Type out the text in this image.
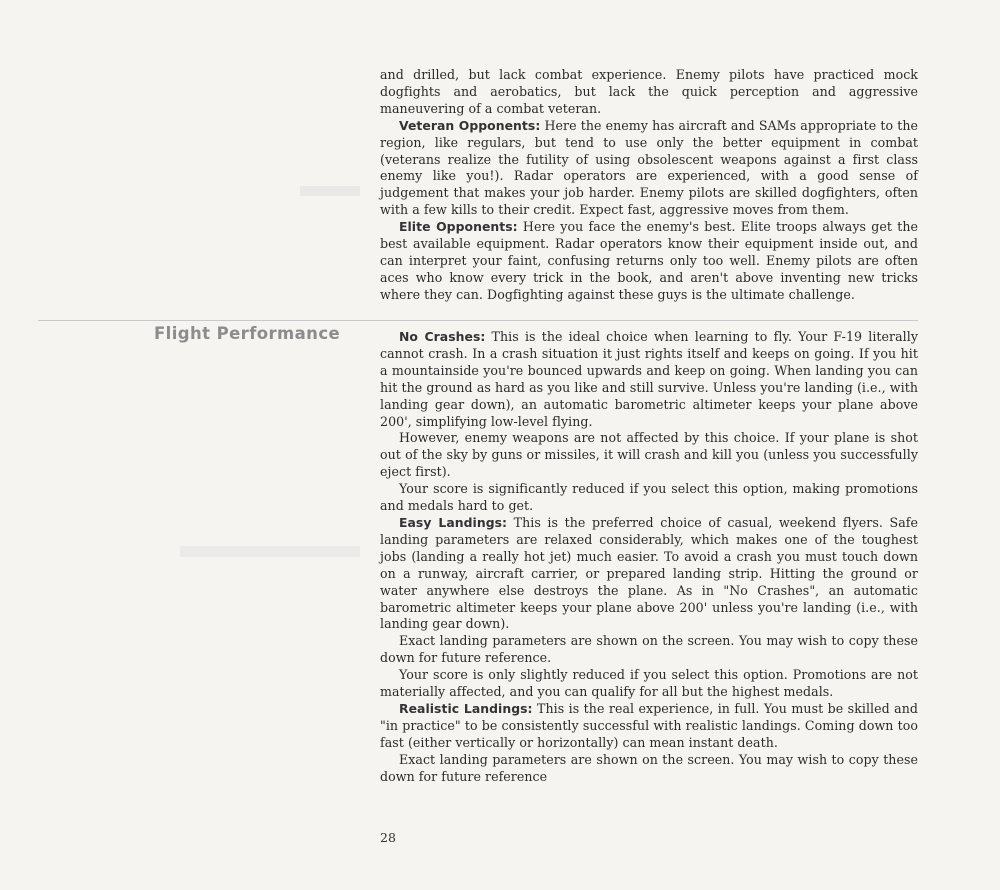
and drilled, but lack combat experience. Enemy pilots have practiced mock dogfights and aerobatics, but lack the quick perception and aggressive maneuvering of a combat veteran.

Veteran Opponents: Here the enemy has aircraft and SAMs appropriate to the region, like regulars, but tend to use only the better equipment in combat (veterans realize the futility of using obsolescent weapons against a first class enemy like you!). Radar operators are experienced, with a good sense of judgement that makes your job harder. Enemy pilots are skilled dogfighters, often with a few kills to their credit. Expect fast, aggressive moves from them.

Elite Opponents: Here you face the enemy's best. Elite troops always get the best available equipment. Radar operators know their equipment inside out, and can interpret your faint, confusing returns only too well. Enemy pilots are often aces who know every trick in the book, and aren't above inventing new tricks where they can. Dogfighting against these guys is the ultimate challenge.

Flight Performance	No Crashes: This is the ideal choice when learning to fly. Your F-19 literally cannot crash. In a crash situation it just rights itself and keeps on going. If you hit a mountainside you're bounced upwards and keep on going. When landing you can hit the ground as hard as you like and still survive. Unless you're landing (i.e., with landing gear down), an automatic barometric altimeter keeps your plane above 200', simplifying low-level flying.

However, enemy weapons are not affected by this choice. If your plane is shot out of the sky by guns or missiles, it will crash and kill you (unless you successfully eject first).

Your score is significantly reduced if you select this option, making promotions and medals hard to get.

Easy Landings: This is the preferred choice of casual, weekend flyers. Safe landing parameters are relaxed considerably, which makes one of the toughest jobs (landing a really hot jet) much easier. To avoid a crash you must touch down on a runway, aircraft carrier, or prepared landing strip. Hitting the ground or water anywhere else destroys the plane. As in "No Crashes", an automatic barometric altimeter keeps your plane above 200' unless you're landing (i.e., with landing gear down).

Exact landing parameters are shown on the screen. You may wish to copy these down for future reference.

Your score is only slightly reduced if you select this option. Promotions are not materially affected, and you can qualify for all but the highest medals.

Realistic Landings: This is the real experience, in full. You must be skilled and "in practice" to be consistently successful with realistic landings. Coming down too fast (either vertically or horizontally) can mean instant death.

Exact landing parameters are shown on the screen. You may wish to copy these down for future reference

28
